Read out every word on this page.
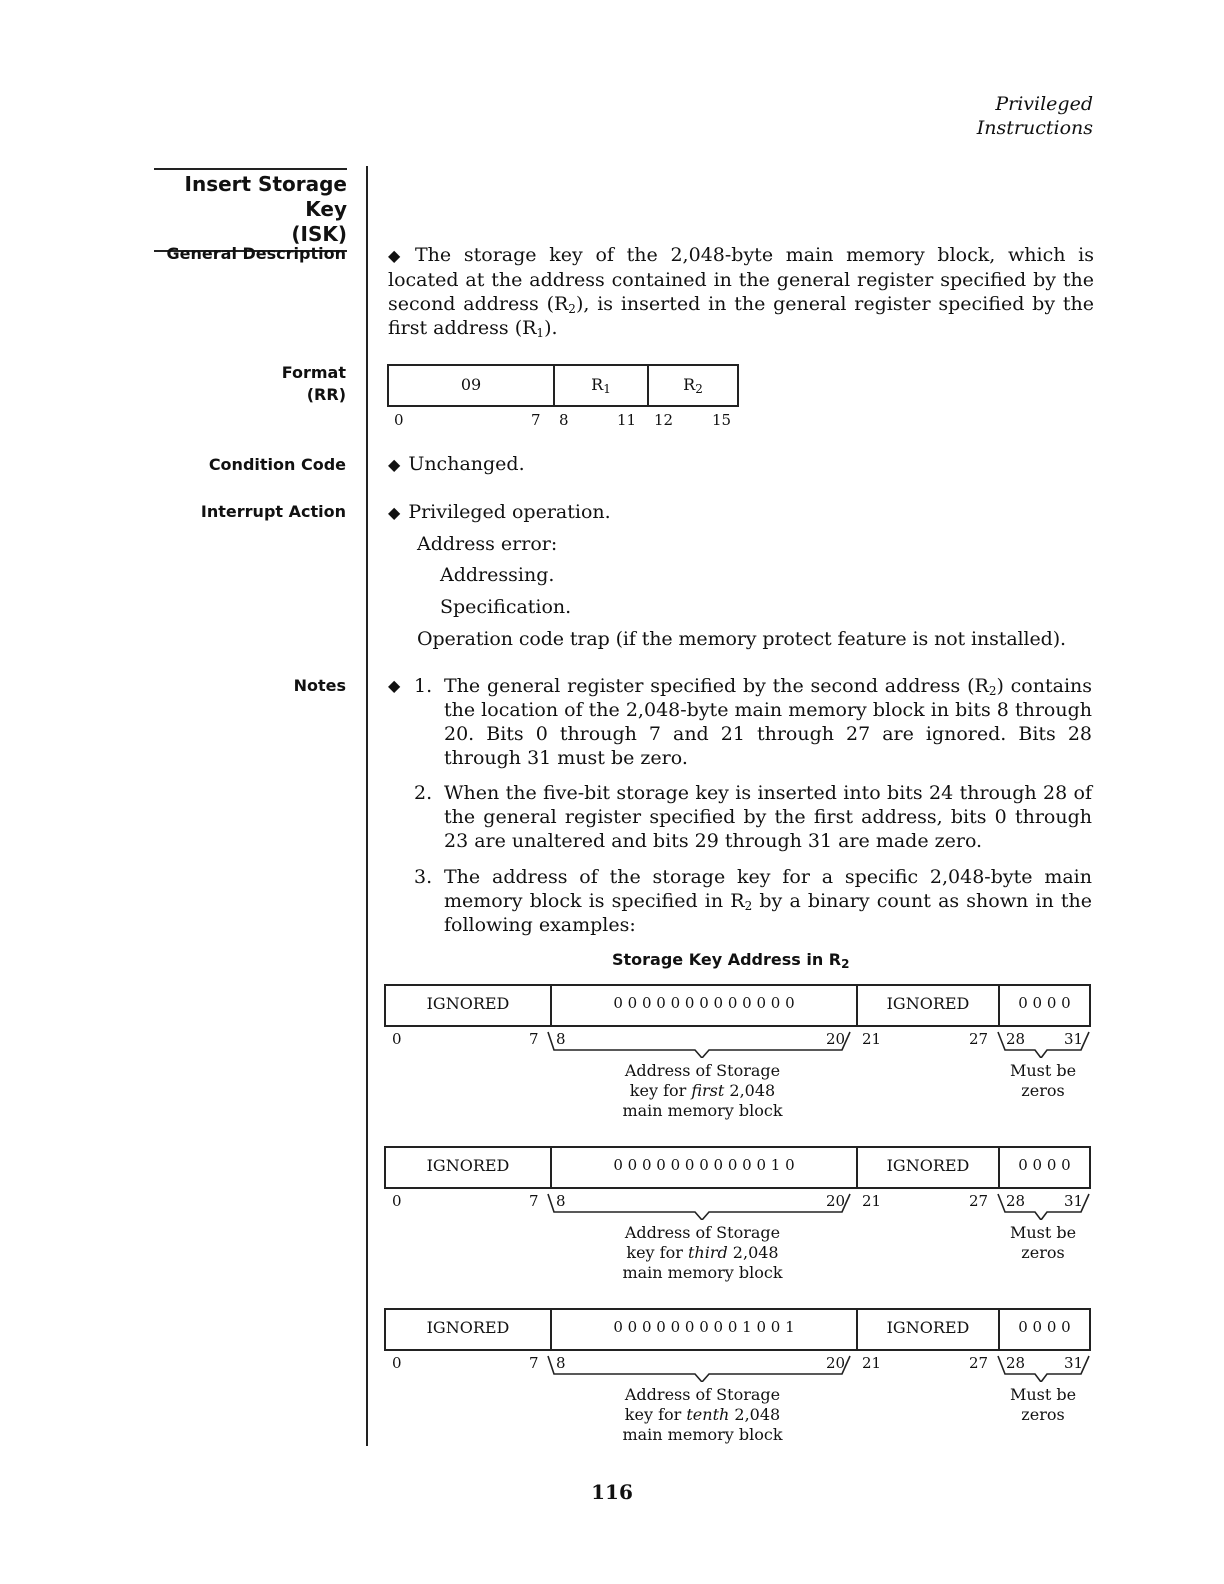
Privileged
Instructions
Insert Storage Key
(ISK)
General Description
Format
(RR)
Condition Code
Interrupt Action
Notes
◆ The storage key of the 2,048-byte main memory block, which is located at the address contained in the general register specified by the second address $(R_2)$, is inserted in the general register specified by the first address $(R_1)$.
09	$R_1$	$R_2$
0	7 8	11 12	15
◆ Unchanged.
◆ Privileged operation.
Address error:
Addressing.
Specification.
Operation code trap (if the memory protect feature is not installed).
◆ 1. The general register specified by the second address $(R_2)$ contains the location of the 2,048-byte main memory block in bits 8 through 20. Bits 0 through 7 and 21 through 27 are ignored. Bits 28 through 31 must be zero.
2. When the five-bit storage key is inserted into bits 24 through 28 of the general register specified by the first address, bits 0 through 23 are unaltered and bits 29 through 31 are made zero.
3. The address of the storage key for a specific 2,048-byte main memory block is specified in $R_2$ by a binary count as shown in the following examples:
Storage Key Address in $R_2$
IGNORED	0 0 0 0 0 0 0 0 0 0 0 0 0	IGNORED	0 0 0 0
0	7 8	20 21	27 28	31
Address of Storage
key for first 2,048
main memory block
Must be
zeros
IGNORED	0 0 0 0 0 0 0 0 0 0 0 1 0	IGNORED	0 0 0 0
0	7 8	20 21	27 28	31
Address of Storage
key for third 2,048
main memory block
Must be
zeros
IGNORED	0 0 0 0 0 0 0 0 0 1 0 0 1	IGNORED	0 0 0 0
0	7 8	20 21	27 28	31
Address of Storage
key for tenth 2,048
main memory block
Must be
zeros
116
